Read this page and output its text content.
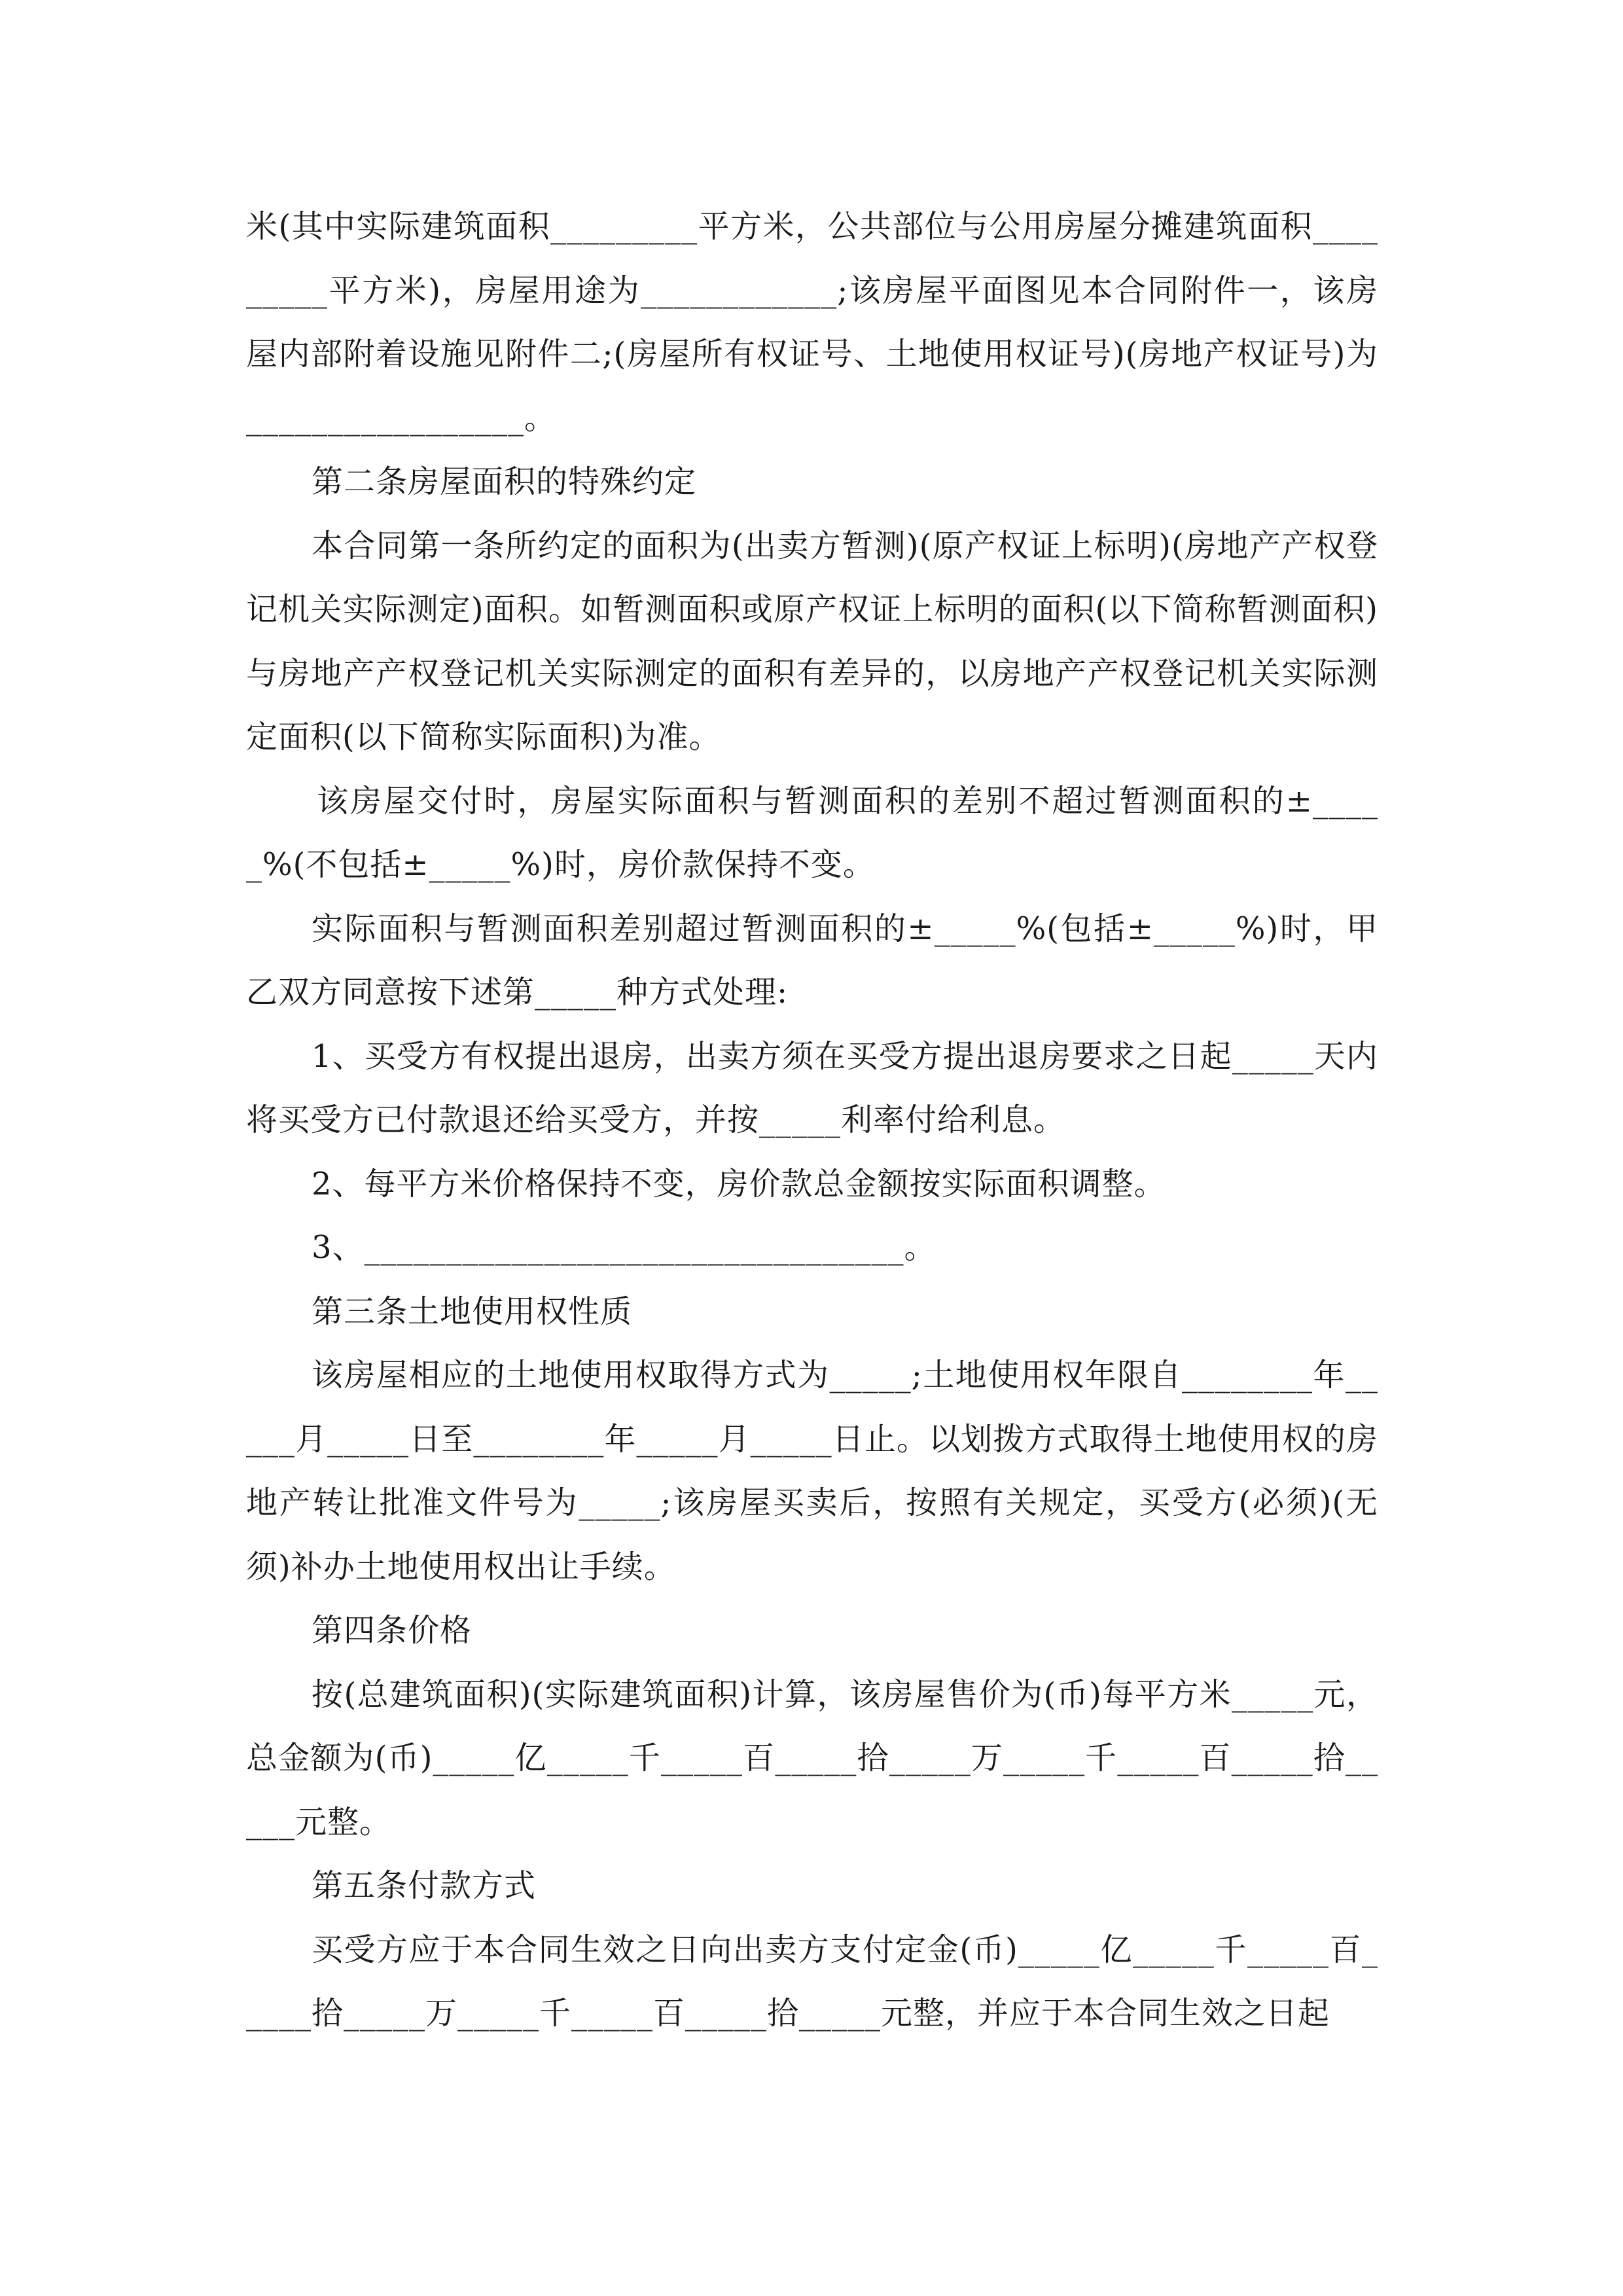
米(其中实际建筑面积_________平方米，公共部位与公用房屋分摊建筑面积_________平方米)，房屋用途为____________;该房屋平面图见本合同附件一，该房屋内部附着设施见附件二;(房屋所有权证号、土地使用权证号)(房地产权证号)为_________________。

第二条房屋面积的特殊约定

本合同第一条所约定的面积为(出卖方暂测)(原产权证上标明)(房地产产权登记机关实际测定)面积。如暂测面积或原产权证上标明的面积(以下简称暂测面积)与房地产产权登记机关实际测定的面积有差异的，以房地产产权登记机关实际测定面积(以下简称实际面积)为准。

该房屋交付时，房屋实际面积与暂测面积的差别不超过暂测面积的±_____%(不包括±_____%)时，房价款保持不变。

实际面积与暂测面积差别超过暂测面积的±_____%(包括±_____%)时，甲乙双方同意按下述第_____种方式处理:

1、买受方有权提出退房，出卖方须在买受方提出退房要求之日起_____天内将买受方已付款退还给买受方，并按_____利率付给利息。

2、每平方米价格保持不变，房价款总金额按实际面积调整。

3、_________________________________。

第三条土地使用权性质

该房屋相应的土地使用权取得方式为_____;土地使用权年限自________年_____月_____日至________年_____月_____日止。以划拨方式取得土地使用权的房地产转让批准文件号为_____;该房屋买卖后，按照有关规定，买受方(必须)(无须)补办土地使用权出让手续。

第四条价格

按(总建筑面积)(实际建筑面积)计算，该房屋售价为(币)每平方米_____元，总金额为(币)_____亿_____千_____百_____拾_____万_____千_____百_____拾_____元整。

第五条付款方式

买受方应于本合同生效之日向出卖方支付定金(币)_____亿_____千_____百_____拾_____万_____千_____百_____拾_____元整，并应于本合同生效之日起
